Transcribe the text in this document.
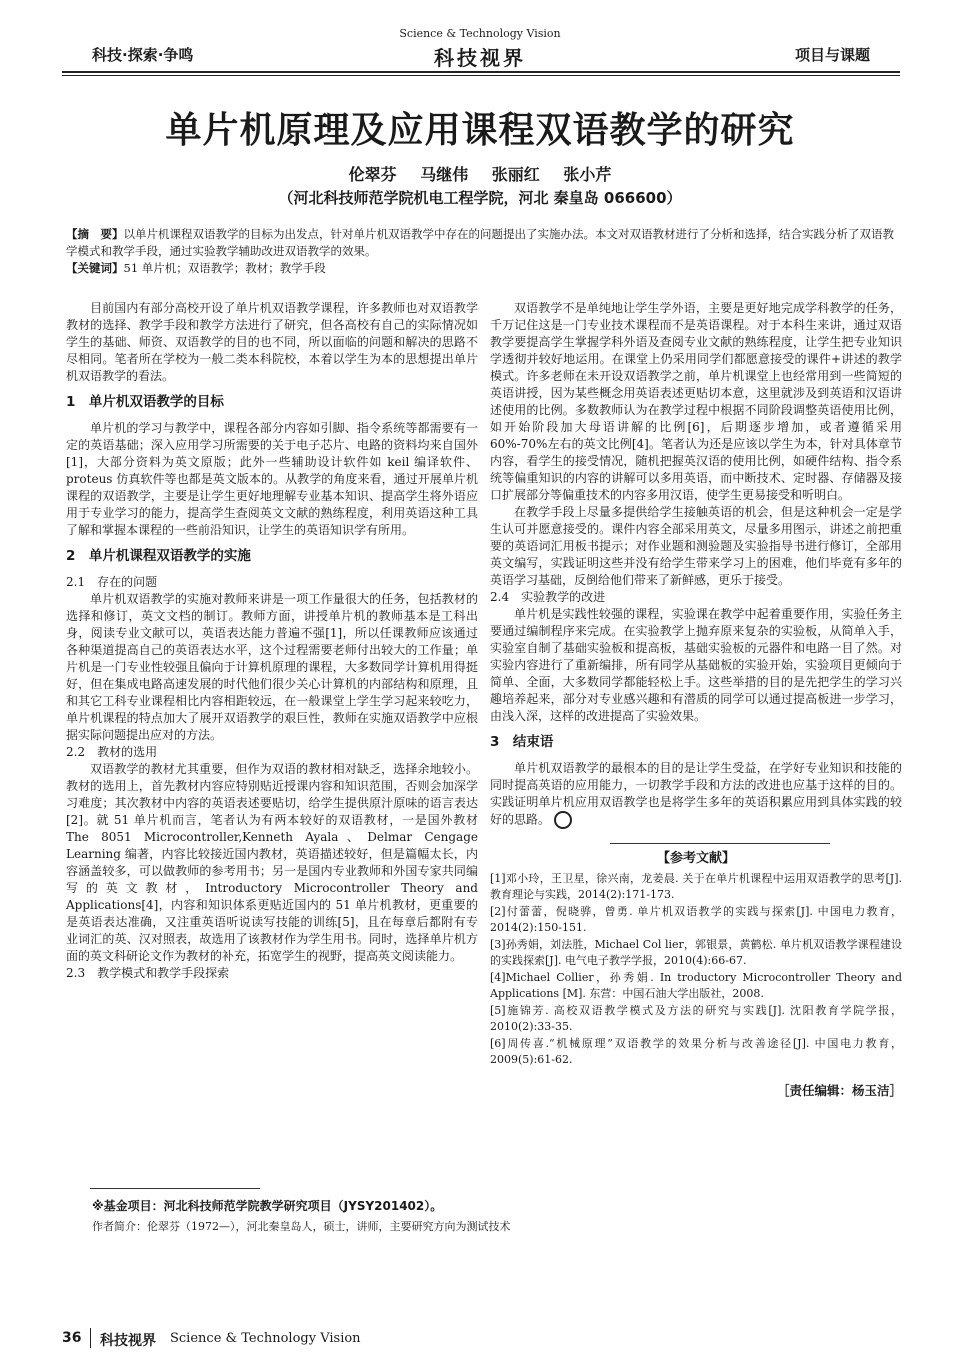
科技·探索·争鸣
Science & Technology Vision
科技视界	项目与课题
单片机原理及应用课程双语教学的研究
伦翠芬 马继伟 张丽红 张小芹
（河北科技师范学院机电工程学院，河北 秦皇岛 066600）
【摘　要】以单片机课程双语教学的目标为出发点，针对单片机双语教学中存在的问题提出了实施办法。本文对双语教材进行了分析和选择，结合实践分析了双语教学模式和教学手段，通过实验教学辅助改进双语教学的效果。
【关键词】51 单片机；双语教学；教材；教学手段

目前国内有部分高校开设了单片机双语教学课程，许多教师也对双语教学教材的选择、教学手段和教学方法进行了研究，但各高校有自己的实际情况如学生的基础、师资、双语教学的目的也不同，所以面临的问题和解决的思路不尽相同。笔者所在学校为一般二类本科院校，本着以学生为本的思想提出单片机双语教学的看法。

1　单片机双语教学的目标

单片机的学习与教学中，课程各部分内容如引脚、指令系统等都需要有一定的英语基础；深入应用学习所需要的关于电子芯片、电路的资料均来自国外[1]，大部分资料为英文原版；此外一些辅助设计软件如 keil 编译软件、proteus 仿真软件等也都是英文版本的。从教学的角度来看，通过开展单片机课程的双语教学，主要是让学生更好地理解专业基本知识、提高学生将外语应用于专业学习的能力，提高学生查阅英文文献的熟练程度，利用英语这种工具了解和掌握本课程的一些前沿知识，让学生的英语知识学有所用。

2　单片机课程双语教学的实施
2.1　存在的问题

单片机双语教学的实施对教师来讲是一项工作量很大的任务，包括教材的选择和修订，英文文档的制订。教师方面，讲授单片机的教师基本是工科出身，阅读专业文献可以，英语表达能力普遍不强[1]，所以任课教师应该通过各种渠道提高自己的英语表达水平，这个过程需要老师付出较大的工作量；单片机是一门专业性较强且偏向于计算机原理的课程，大多数同学计算机用得挺好，但在集成电路高速发展的时代他们很少关心计算机的内部结构和原理，且和其它工科专业课程相比内容相距较远，在一般课堂上学生学习起来较吃力，单片机课程的特点加大了展开双语教学的艰巨性，教师在实施双语教学中应根据实际问题提出应对的方法。

2.2　教材的选用

双语教学的教材尤其重要，但作为双语的教材相对缺乏，选择余地较小。教材的选用上，首先教材内容应特别贴近授课内容和知识范围，否则会加深学习难度；其次教材中内容的英语表述要贴切，给学生提供原汁原味的语言表达[2]。就 51 单片机而言，笔者认为有两本较好的双语教材，一是国外教材 The 8051 Microcontroller,Kenneth Ayala、Delmar Cengage Learning 编著，内容比较接近国内教材，英语描述较好，但是篇幅太长，内容涵盖较多，可以做教师的参考用书；另一是国内专业教师和外国专家共同编写的英文教材，Introductory Microcontroller Theory and Applications[4]，内容和知识体系更贴近国内的 51 单片机教材，更重要的是英语表达准确，又注重英语听说读写技能的训练[5]，且在每章后都附有专业词汇的英、汉对照表，故选用了该教材作为学生用书。同时，选择单片机方面的英文科研论文作为教材的补充，拓宽学生的视野，提高英文阅读能力。

2.3　教学模式和教学手段探索

双语教学不是单纯地让学生学外语，主要是更好地完成学科教学的任务，千万记住这是一门专业技术课程而不是英语课程。对于本科生来讲，通过双语教学要提高学生掌握学科外语及查阅专业文献的熟练程度，让学生把专业知识学透彻并较好地运用。在课堂上仍采用同学们都愿意接受的课件+讲述的教学模式。许多老师在未开设双语教学之前，单片机课堂上也经常用到一些简短的英语讲授，因为某些概念用英语表述更贴切本意，这里就涉及到英语和汉语讲述使用的比例。多数教师认为在教学过程中根据不同阶段调整英语使用比例，如开始阶段加大母语讲解的比例[6]，后期逐步增加，或者遵循采用 60%-70%左右的英文比例[4]。笔者认为还是应该以学生为本，针对具体章节内容，看学生的接受情况，随机把握英汉语的使用比例，如硬件结构、指令系统等偏重知识的内容的讲解可以多用英语，而中断技术、定时器、存储器及接口扩展部分等偏重技术的内容多用汉语，使学生更易接受和听明白。

在教学手段上尽量多提供给学生接触英语的机会，但是这种机会一定是学生认可并愿意接受的。课件内容全部采用英文，尽量多用图示，讲述之前把重要的英语词汇用板书提示；对作业题和测验题及实验指导书进行修订，全部用英文编写，实践证明这些并没有给学生带来学习上的困难，他们毕竟有多年的英语学习基础，反倒给他们带来了新鲜感，更乐于接受。

2.4　实验教学的改进

单片机是实践性较强的课程，实验课在教学中起着重要作用，实验任务主要通过编制程序来完成。在实验教学上抛弃原来复杂的实验板，从简单入手，实验室自制了基础实验板和提高板，基础实验板的元器件和电路一目了然。对实验内容进行了重新编排，所有同学从基础板的实验开始，实验项目更倾向于简单、全面，大多数同学都能轻松上手。这些举措的目的是先把学生的学习兴趣培养起来，部分对专业感兴趣和有潜质的同学可以通过提高板进一步学习，由浅入深，这样的改进提高了实验效果。

3　结束语

单片机双语教学的最根本的目的是让学生受益，在学好专业知识和技能的同时提高英语的应用能力，一切教学手段和方法的改进也应基于这样的目的。实践证明单片机应用双语教学也是将学生多年的英语积累应用到具体实践的较好的思路。

【参考文献】
[1]邓小玲，王卫星，徐兴南，龙姜晨. 关于在单片机课程中运用双语教学的思考[J]. 教育理论与实践，2014(2):171-173.
[2]付蕾蕾，倪晓骅，曾勇. 单片机双语教学的实践与探索[J]. 中国电力教育，2014(2):150-151.
[3]孙秀娟，刘法胜，Michael Col lier，郭银景，黄鹤松. 单片机双语教学课程建设的实践探索[J]. 电气电子教学学报，2010(4):66-67.
[4]Michael Collier，孙秀娟. In troductory Microcontroller Theory and Applications [M]. 东营：中国石油大学出版社，2008.
[5]施锦芳. 高校双语教学模式及方法的研究与实践[J]. 沈阳教育学院学报，2010(2):33-35.
[6]周传喜.“机械原理”双语教学的效果分析与改善途径[J]. 中国电力教育，2009(5):61-62.
［责任编辑：杨玉洁］
※基金项目：河北科技师范学院教学研究项目（JYSY201402）。
作者简介：伦翠芬（1972—），河北秦皇岛人，硕士，讲师，主要研究方向为测试技术
36 科技视界 Science & Technology Vision
